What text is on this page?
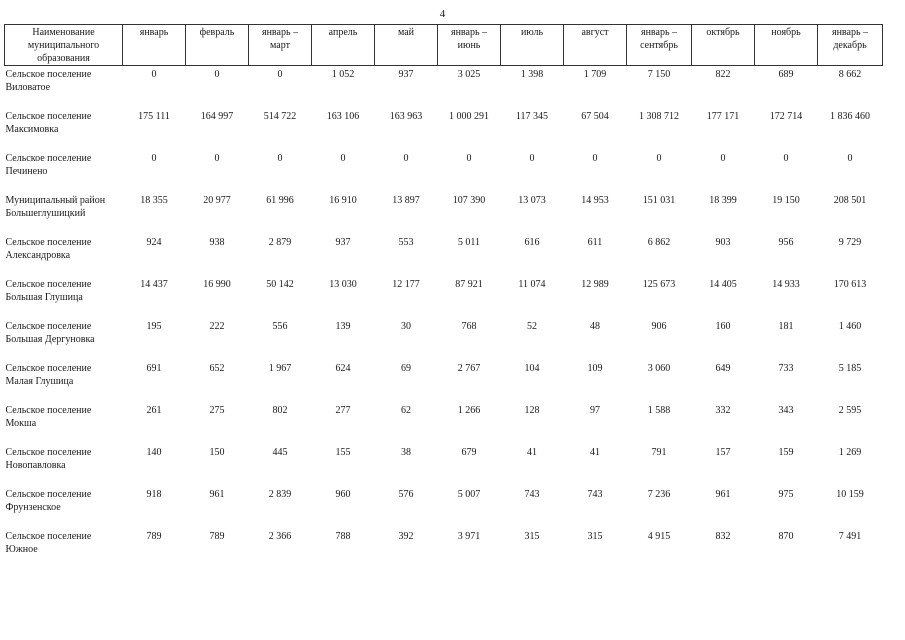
4
Наименование муниципального образования	январь	февраль	январь – март	апрель	май	январь – июнь	июль	август	январь – сентябрь	октябрь	ноябрь	январь – декабрь
Сельское поселение Виловатое	0	0	0	1 052	937	3 025	1 398	1 709	7 150	822	689	8 662
Сельское поселение Максимовка	175 111	164 997	514 722	163 106	163 963	1 000 291	117 345	67 504	1 308 712	177 171	172 714	1 836 460
Сельское поселение Печинено	0	0	0	0	0	0	0	0	0	0	0	0
Муниципальный район Большеглушицкий	18 355	20 977	61 996	16 910	13 897	107 390	13 073	14 953	151 031	18 399	19 150	208 501
Сельское поселение Александровка	924	938	2 879	937	553	5 011	616	611	6 862	903	956	9 729
Сельское поселение Большая Глушица	14 437	16 990	50 142	13 030	12 177	87 921	11 074	12 989	125 673	14 405	14 933	170 613
Сельское поселение Большая Дергуновка	195	222	556	139	30	768	52	48	906	160	181	1 460
Сельское поселение Малая Глушица	691	652	1 967	624	69	2 767	104	109	3 060	649	733	5 185
Сельское поселение Мокша	261	275	802	277	62	1 266	128	97	1 588	332	343	2 595
Сельское поселение Новопавловка	140	150	445	155	38	679	41	41	791	157	159	1 269
Сельское поселение Фрунзенское	918	961	2 839	960	576	5 007	743	743	7 236	961	975	10 159
Сельское поселение Южное	789	789	2 366	788	392	3 971	315	315	4 915	832	870	7 491
